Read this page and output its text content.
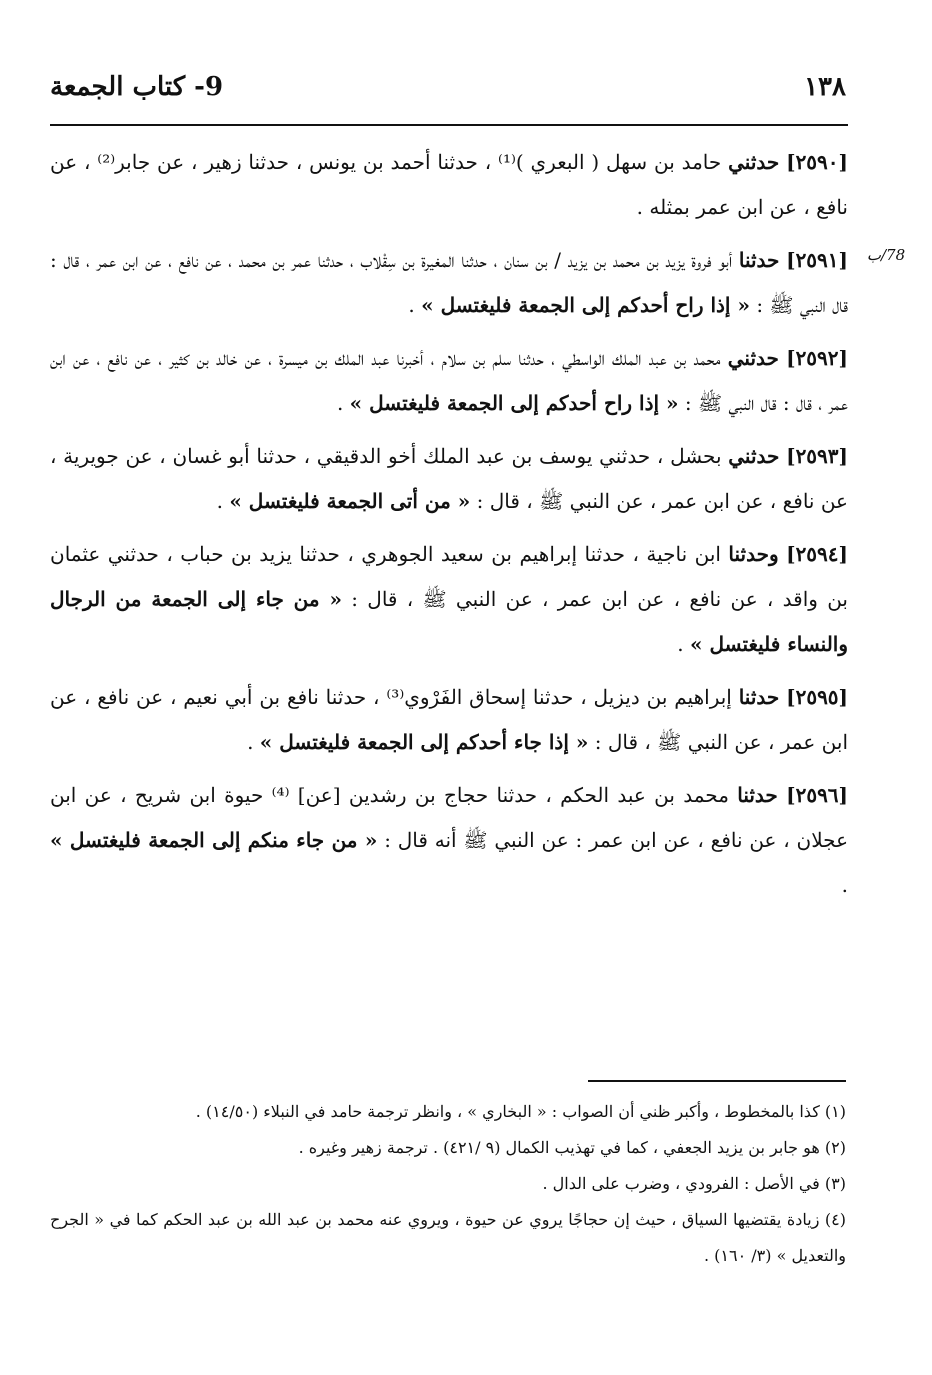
١٣٨
9- كتاب الجمعة
78/ب

[٢٥٩٠] حدثني حامد بن سهل ( البعري )⁽¹⁾ ، حدثنا أحمد بن يونس ، حدثنا زهير ، عن جابر⁽²⁾ ، عن نافع ، عن ابن عمر بمثله .

[٢٥٩١] حدثنا أبو فروة يزيد بن محمد بن يزيد / بن سنان ، حدثنا المغيرة بن سِقْلاب ، حدثنا عمر بن محمد ، عن نافع ، عن ابن عمر ، قال : قال النبي ﷺ : « إذا راح أحدكم إلى الجمعة فليغتسل » .

[٢٥٩٢] حدثني محمد بن عبد الملك الواسطي ، حدثنا سلم بن سلام ، أخبرنا عبد الملك بن ميسرة ، عن خالد بن كثير ، عن نافع ، عن ابن عمر ، قال : قال النبي ﷺ : « إذا راح أحدكم إلى الجمعة فليغتسل » .

[٢٥٩٣] حدثني بحشل ، حدثني يوسف بن عبد الملك أخو الدقيقي ، حدثنا أبو غسان ، عن جويرية ، عن نافع ، عن ابن عمر ، عن النبي ﷺ ، قال : « من أتى الجمعة فليغتسل » .

[٢٥٩٤] وحدثنا ابن ناجية ، حدثنا إبراهيم بن سعيد الجوهري ، حدثنا يزيد بن حباب ، حدثني عثمان بن واقد ، عن نافع ، عن ابن عمر ، عن النبي ﷺ ، قال : « من جاء إلى الجمعة من الرجال والنساء فليغتسل » .

[٢٥٩٥] حدثنا إبراهيم بن ديزيل ، حدثنا إسحاق الفَرْوي⁽³⁾ ، حدثنا نافع بن أبي نعيم ، عن نافع ، عن ابن عمر ، عن النبي ﷺ ، قال : « إذا جاء أحدكم إلى الجمعة فليغتسل » .

[٢٥٩٦] حدثنا محمد بن عبد الحكم ، حدثنا حجاج بن رشدين [عن] ⁽⁴⁾ حيوة ابن شريح ، عن ابن عجلان ، عن نافع ، عن ابن عمر : عن النبي ﷺ أنه قال : « من جاء منكم إلى الجمعة فليغتسل » .

(١) كذا بالمخطوط ، وأكبر ظني أن الصواب : « البخاري » ، وانظر ترجمة حامد في النبلاء (١٤/٥٠) .

(٢) هو جابر بن يزيد الجعفي ، كما في تهذيب الكمال (٩ /٤٢١) . ترجمة زهير وغيره .

(٣) في الأصل : الفرودي ، وضرب على الدال .

(٤) زيادة يقتضيها السياق ، حيث إن حجاجًا يروي عن حيوة ، ويروي عنه محمد بن عبد الله بن عبد الحكم كما في « الجرح والتعديل » (٣/ ١٦٠) .
